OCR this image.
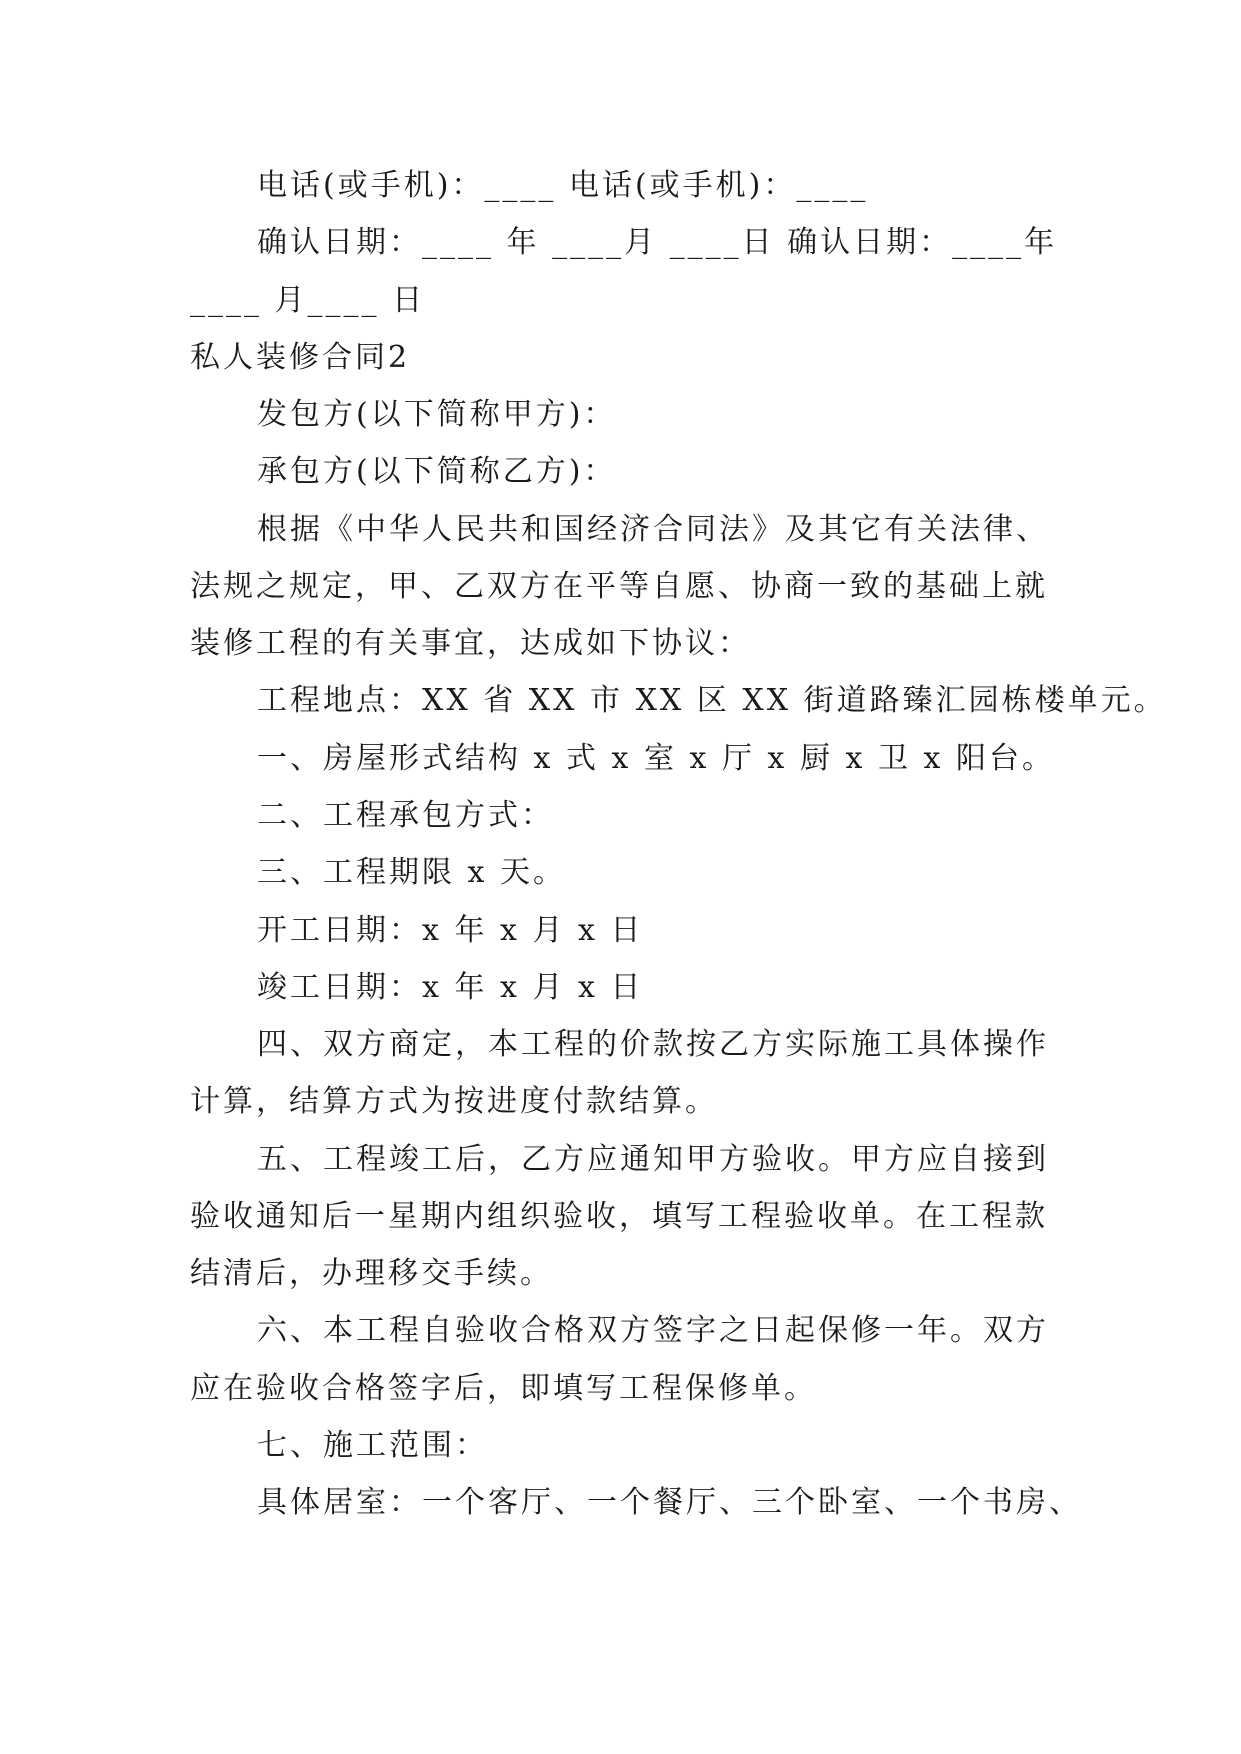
电话(或手机)：____ 电话(或手机)：____
确认日期：____ 年 ____月 ____日 确认日期：____年
____ 月____ 日
私人装修合同2
发包方(以下简称甲方)：
承包方(以下简称乙方)：
根据《中华人民共和国经济合同法》及其它有关法律、
法规之规定，甲、乙双方在平等自愿、协商一致的基础上就
装修工程的有关事宜，达成如下协议：
工程地点：XX 省 XX 市 XX 区 XX 街道路臻汇园栋楼单元。
一、房屋形式结构 x 式 x 室 x 厅 x 厨 x 卫 x 阳台。
二、工程承包方式：
三、工程期限 x 天。
开工日期：x 年 x 月 x 日
竣工日期：x 年 x 月 x 日
四、双方商定，本工程的价款按乙方实际施工具体操作
计算，结算方式为按进度付款结算。
五、工程竣工后，乙方应通知甲方验收。甲方应自接到
验收通知后一星期内组织验收，填写工程验收单。在工程款
结清后，办理移交手续。
六、本工程自验收合格双方签字之日起保修一年。双方
应在验收合格签字后，即填写工程保修单。
七、施工范围：
具体居室：一个客厅、一个餐厅、三个卧室、一个书房、
